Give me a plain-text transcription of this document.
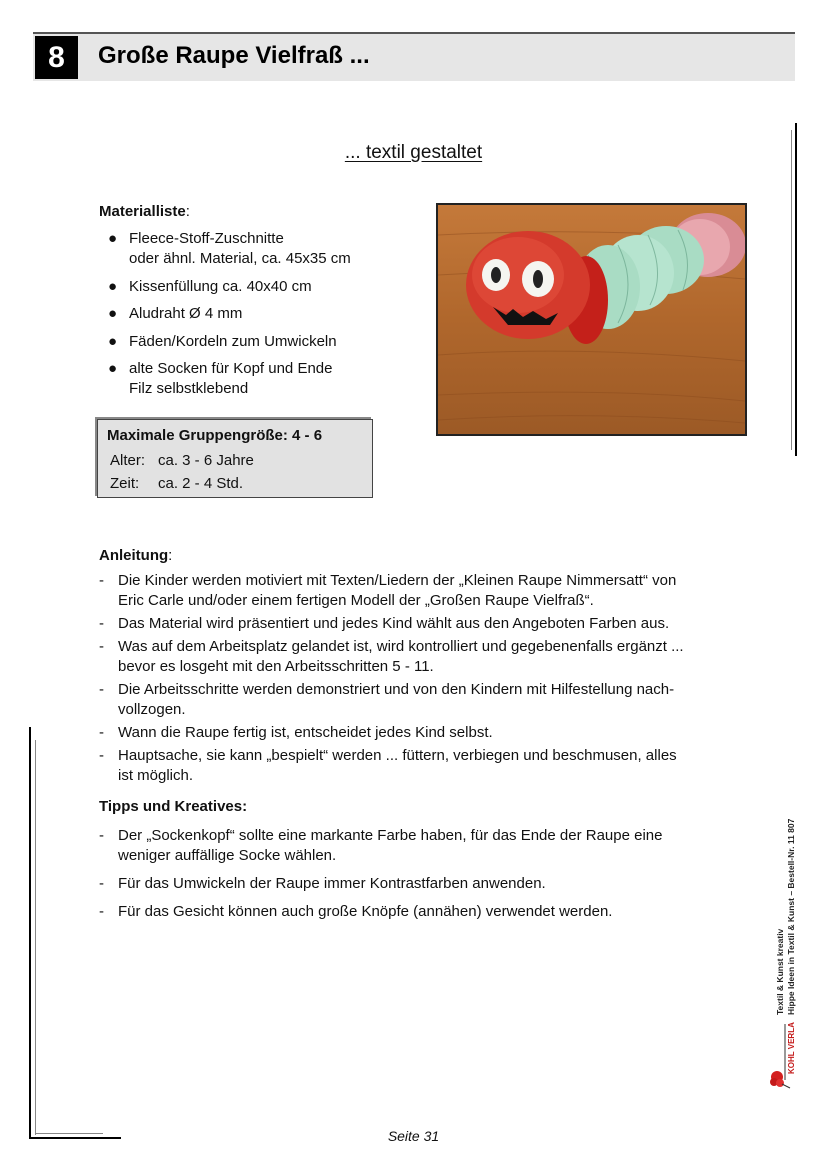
8	Große Raupe Vielfraß ...
... textil gestaltet
Materialliste:
● Fleece-Stoff-Zuschnitte
oder ähnl. Material, ca. 45x35 cm
● Kissenfüllung ca. 40x40 cm
● Aludraht Ø 4 mm
● Fäden/Kordeln zum Umwickeln
● alte Socken für Kopf und Ende
Filz selbstklebend
Maximale Gruppengröße: 4 - 6
Alter: ca. 3 - 6 Jahre
Zeit: ca. 2 - 4 Std.
Anleitung:
- Die Kinder werden motiviert mit Texten/Liedern der „Kleinen Raupe Nimmersatt“ von
Eric Carle und/oder einem fertigen Modell der „Großen Raupe Vielfraß“.
- Das Material wird präsentiert und jedes Kind wählt aus den Angeboten Farben aus.
- Was auf dem Arbeitsplatz gelandet ist, wird kontrolliert und gegebenenfalls ergänzt ...
bevor es losgeht mit den Arbeitsschritten 5 - 11.
- Die Arbeitsschritte werden demonstriert und von den Kindern mit Hilfestellung nach-
vollzogen.
- Wann die Raupe fertig ist, entscheidet jedes Kind selbst.
- Hauptsache, sie kann „bespielt“ werden ... füttern, verbiegen und beschmusen, alles
ist möglich.
Tipps und Kreatives:
- Der „Sockenkopf“ sollte eine markante Farbe haben, für das Ende der Raupe eine
weniger auffällige Socke wählen.
- Für das Umwickeln der Raupe immer Kontrastfarben anwenden.
- Für das Gesicht können auch große Knöpfe (annähen) verwendet werden.
Textil & Kunst kreativ Hippe Ideen in Textil & Kunst – Bestell-Nr. 11 807
KOHL VERLAG
Seite 31
